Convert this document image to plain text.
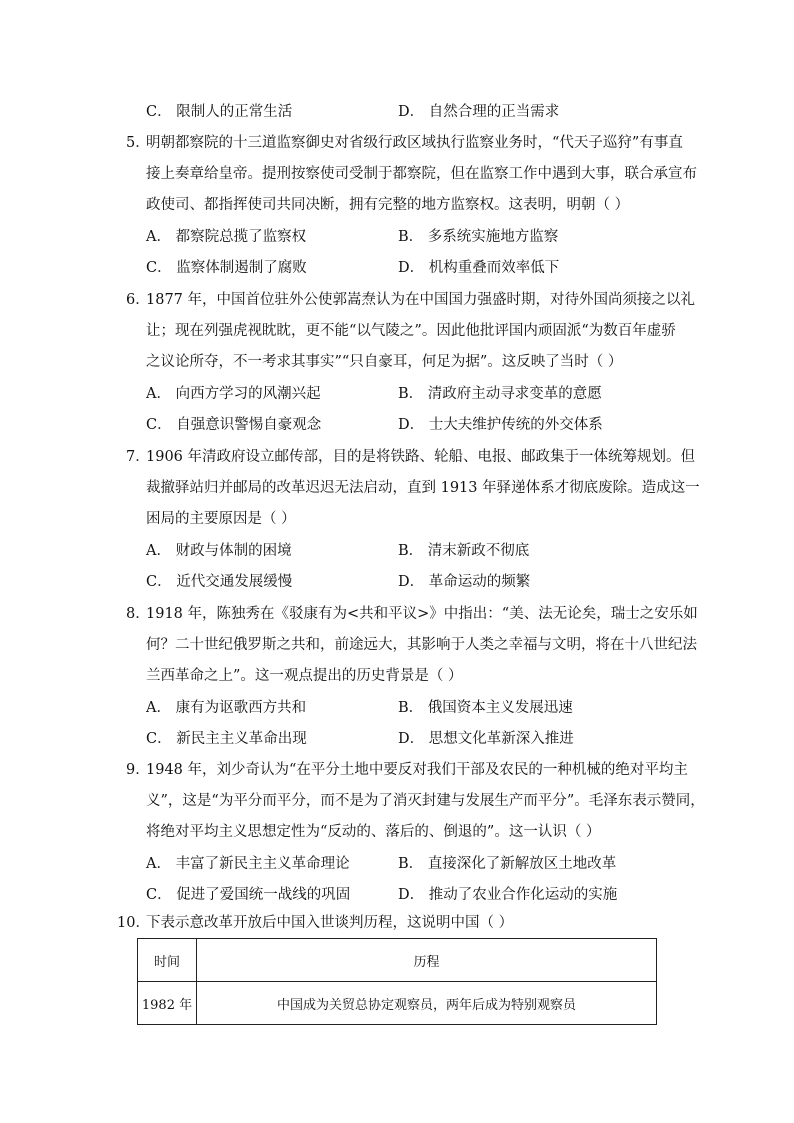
C． 限制人的正常生活	D． 自然合理的正当需求
5．
明朝都察院的十三道监察御史对省级行政区域执行监察业务时，“代天子巡狩”有事直
接上奏章给皇帝。提刑按察使司受制于都察院，但在监察工作中遇到大事，联合承宣布
政使司、都指挥使司共同决断，拥有完整的地方监察权。这表明，明朝（ ）
A． 都察院总揽了监察权	B． 多系统实施地方监察
C． 监察体制遏制了腐败	D． 机构重叠而效率低下
6．
1877 年，中国首位驻外公使郭嵩焘认为在中国国力强盛时期，对待外国尚须接之以礼
让；现在列强虎视眈眈，更不能“以气陵之”。因此他批评国内顽固派“为数百年虚骄
之议论所夺，不一考求其事实”“只自豪耳，何足为据”。这反映了当时（ ）
A． 向西方学习的风潮兴起	B． 清政府主动寻求变革的意愿
C． 自强意识警惕自豪观念	D． 士大夫维护传统的外交体系
7．
1906 年清政府设立邮传部，目的是将铁路、轮船、电报、邮政集于一体统筹规划。但
裁撤驿站归并邮局的改革迟迟无法启动，直到 1913 年驿递体系才彻底废除。造成这一
困局的主要原因是（ ）
A． 财政与体制的困境	B． 清末新政不彻底
C． 近代交通发展缓慢	D． 革命运动的频繁
8．
1918 年，陈独秀在《驳康有为<共和平议>》中指出：“美、法无论矣，瑞士之安乐如
何？二十世纪俄罗斯之共和，前途远大，其影响于人类之幸福与文明，将在十八世纪法
兰西革命之上”。这一观点提出的历史背景是（ ）
A． 康有为讴歌西方共和	B． 俄国资本主义发展迅速
C． 新民主主义革命出现	D． 思想文化革新深入推进
9．
1948 年，刘少奇认为“在平分土地中要反对我们干部及农民的一种机械的绝对平均主
义”，这是“为平分而平分，而不是为了消灭封建与发展生产而平分”。毛泽东表示赞同，
将绝对平均主义思想定性为“反动的、落后的、倒退的”。这一认识（ ）
A． 丰富了新民主主义革命理论	B． 直接深化了新解放区土地改革
C． 促进了爱国统一战线的巩固	D． 推动了农业合作化运动的实施
10．
下表示意改革开放后中国入世谈判历程，这说明中国（ ）
时间	历程
1982 年	中国成为关贸总协定观察员，两年后成为特别观察员
